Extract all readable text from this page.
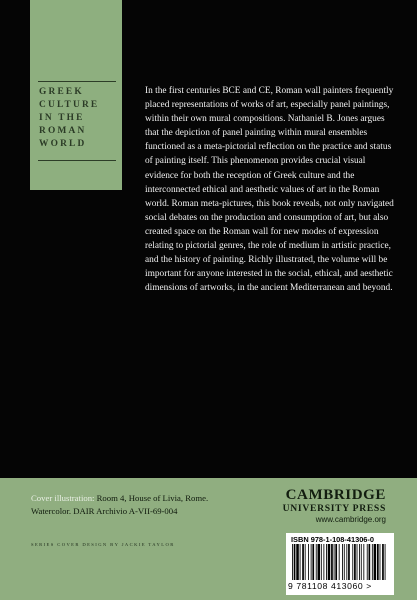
GREEK
CULTURE
IN THE
ROMAN
WORLD
In the first centuries BCE and CE, Roman wall painters frequently placed representations of works of art, especially panel paintings, within their own mural compositions. Nathaniel B. Jones argues that the depiction of panel painting within mural ensembles functioned as a meta-pictorial reflection on the practice and status of painting itself. This phenomenon provides crucial visual evidence for both the reception of Greek culture and the interconnected ethical and aesthetic values of art in the Roman world. Roman meta-pictures, this book reveals, not only navigated social debates on the production and consumption of art, but also created space on the Roman wall for new modes of expression relating to pictorial genres, the role of medium in artistic practice, and the history of painting. Richly illustrated, the volume will be important for anyone interested in the social, ethical, and aesthetic dimensions of artworks, in the ancient Mediterranean and beyond.
Cover illustration: Room 4, House of Livia, Rome. Watercolor. DAIR Archivio A-VII-69-004
SERIES COVER DESIGN BY JACKIE TAYLOR
CAMBRIDGE
UNIVERSITY PRESS
www.cambridge.org
ISBN 978-1-108-41306-0
9 781108 413060 >
